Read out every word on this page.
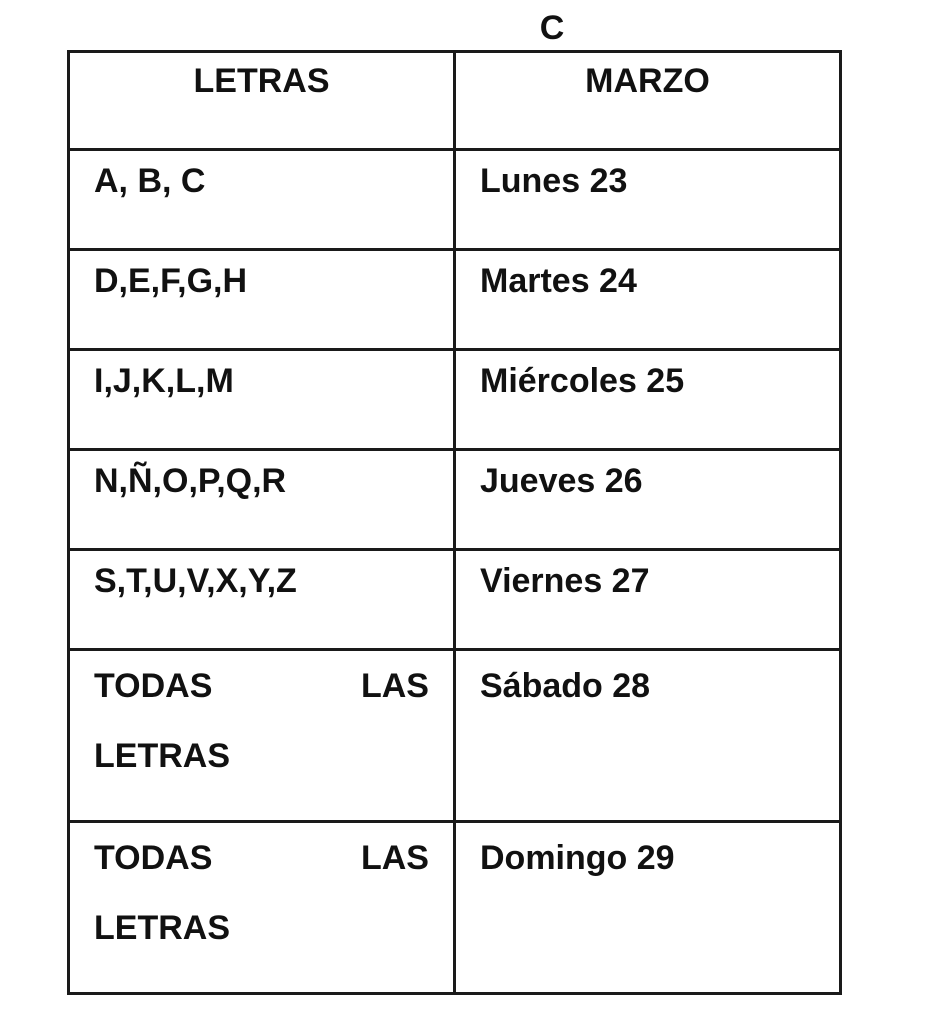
C
LETRAS	MARZO
A, B, C	Lunes 23
D,E,F,G,H	Martes 24
I,J,K,L,M	Miércoles 25
N,Ñ,O,P,Q,R	Jueves 26
S,T,U,V,X,Y,Z	Viernes 27
TODAS LAS LETRAS	Sábado 28
TODAS LAS LETRAS	Domingo 29
